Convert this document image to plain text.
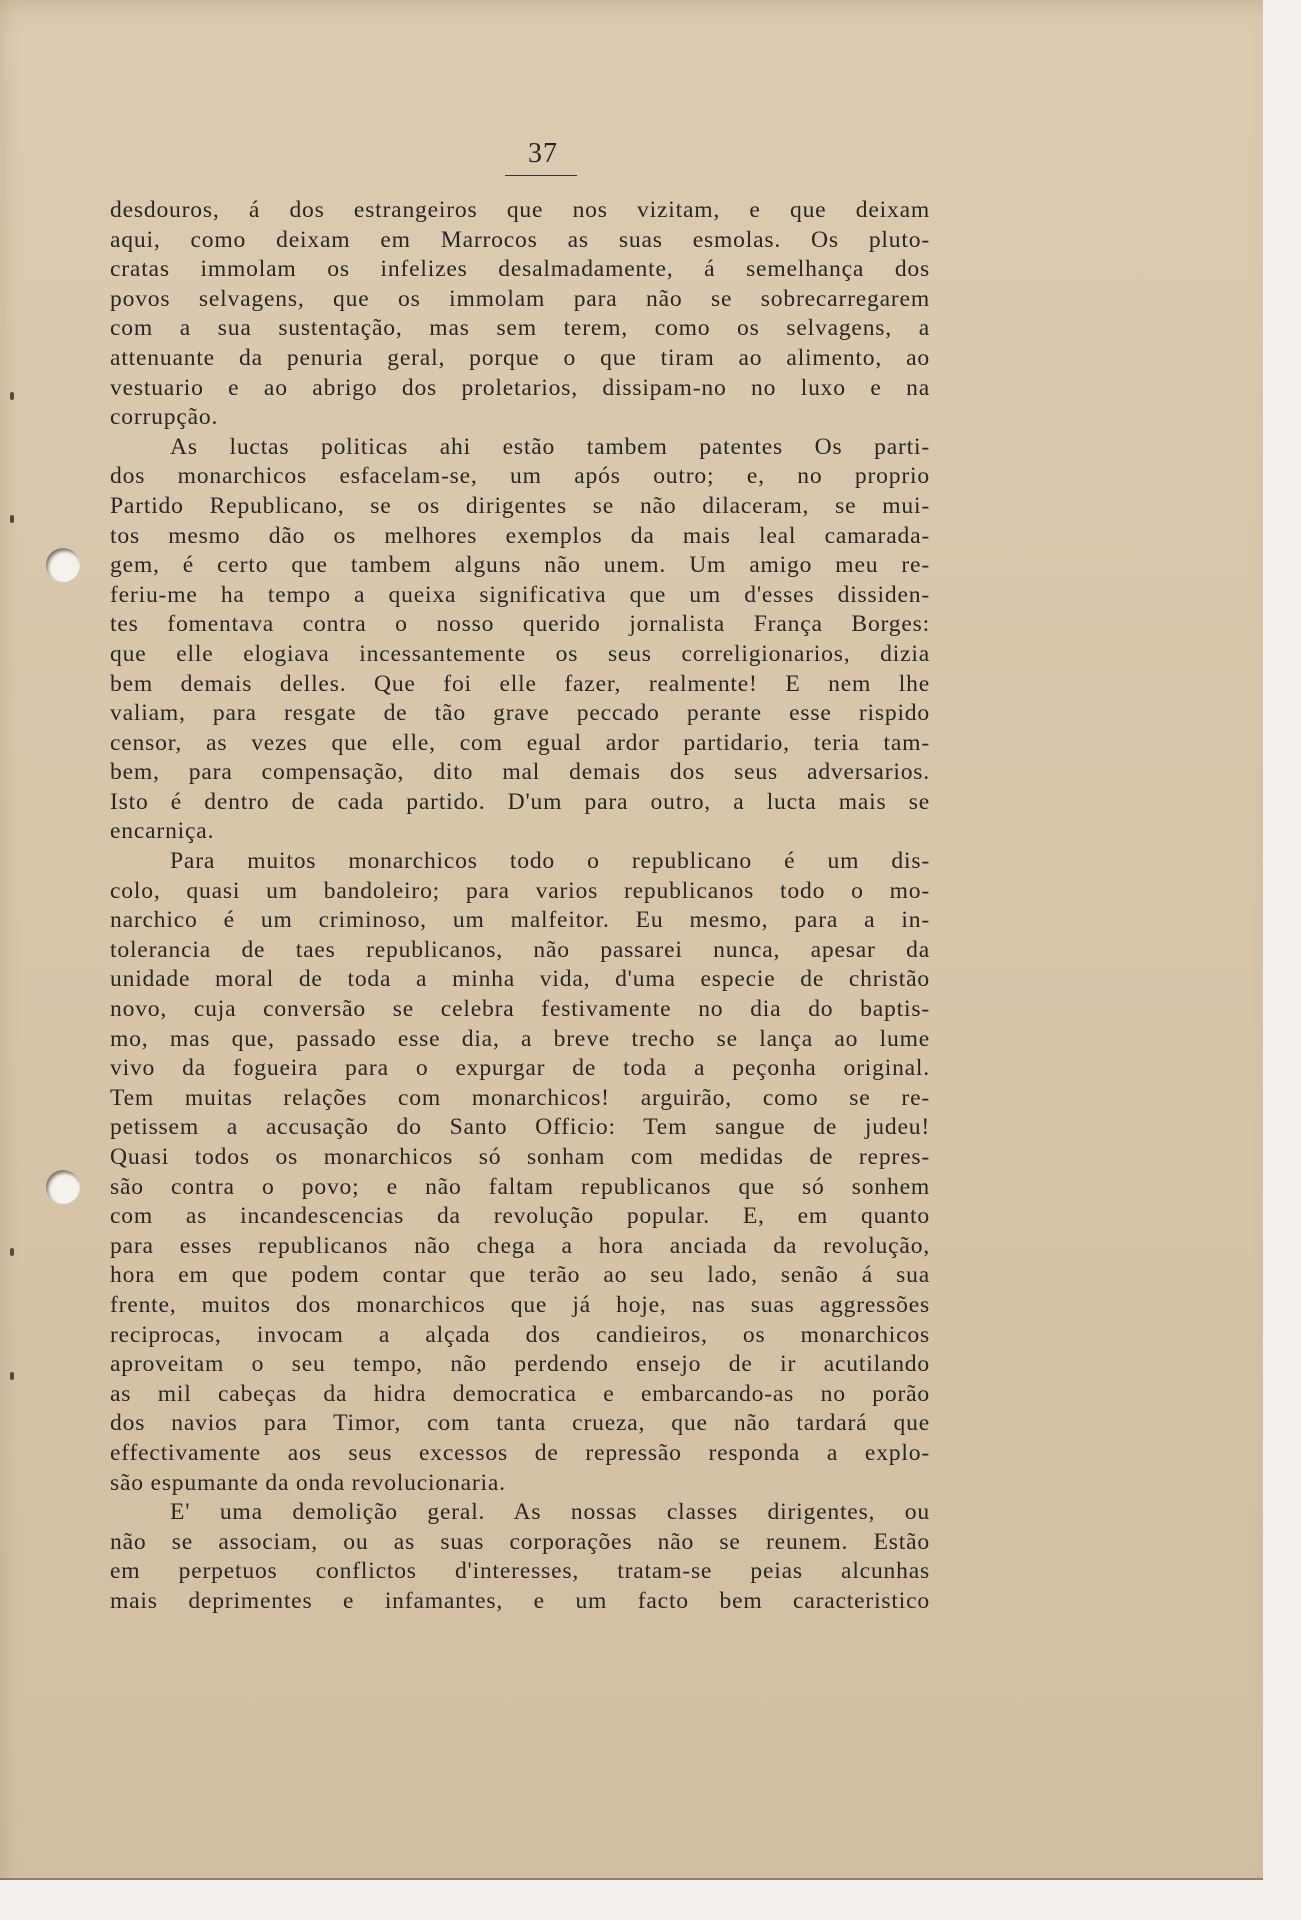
37
desdouros, á dos estrangeiros que nos vizitam, e que deixam
aqui, como deixam em Marrocos as suas esmolas. Os pluto-
cratas immolam os infelizes desalmadamente, á semelhança dos
povos selvagens, que os immolam para não se sobrecarregarem
com a sua sustentação, mas sem terem, como os selvagens, a
attenuante da penuria geral, porque o que tiram ao alimento, ao
vestuario e ao abrigo dos proletarios, dissipam-no no luxo e na
corrupção.
As luctas politicas ahi estão tambem patentes Os parti-
dos monarchicos esfacelam-se, um após outro; e, no proprio
Partido Republicano, se os dirigentes se não dilaceram, se mui-
tos mesmo dão os melhores exemplos da mais leal camarada-
gem, é certo que tambem alguns não unem. Um amigo meu re-
feriu-me ha tempo a queixa significativa que um d'esses dissiden-
tes fomentava contra o nosso querido jornalista França Borges:
que elle elogiava incessantemente os seus correligionarios, dizia
bem demais delles. Que foi elle fazer, realmente! E nem lhe
valiam, para resgate de tão grave peccado perante esse rispido
censor, as vezes que elle, com egual ardor partidario, teria tam-
bem, para compensação, dito mal demais dos seus adversarios.
Isto é dentro de cada partido. D'um para outro, a lucta mais se
encarniça.
Para muitos monarchicos todo o republicano é um dis-
colo, quasi um bandoleiro; para varios republicanos todo o mo-
narchico é um criminoso, um malfeitor. Eu mesmo, para a in-
tolerancia de taes republicanos, não passarei nunca, apesar da
unidade moral de toda a minha vida, d'uma especie de christão
novo, cuja conversão se celebra festivamente no dia do baptis-
mo, mas que, passado esse dia, a breve trecho se lança ao lume
vivo da fogueira para o expurgar de toda a peçonha original.
Tem muitas relações com monarchicos! arguirão, como se re-
petissem a accusação do Santo Officio: Tem sangue de judeu!
Quasi todos os monarchicos só sonham com medidas de repres-
são contra o povo; e não faltam republicanos que só sonhem
com as incandescencias da revolução popular. E, em quanto
para esses republicanos não chega a hora anciada da revolução,
hora em que podem contar que terão ao seu lado, senão á sua
frente, muitos dos monarchicos que já hoje, nas suas aggressões
reciprocas, invocam a alçada dos candieiros, os monarchicos
aproveitam o seu tempo, não perdendo ensejo de ir acutilando
as mil cabeças da hidra democratica e embarcando-as no porão
dos navios para Timor, com tanta crueza, que não tardará que
effectivamente aos seus excessos de repressão responda a explo-
são espumante da onda revolucionaria.
E' uma demolição geral. As nossas classes dirigentes, ou
não se associam, ou as suas corporações não se reunem. Estão
em perpetuos conflictos d'interesses, tratam-se peias alcunhas
mais deprimentes e infamantes, e um facto bem caracteristico
